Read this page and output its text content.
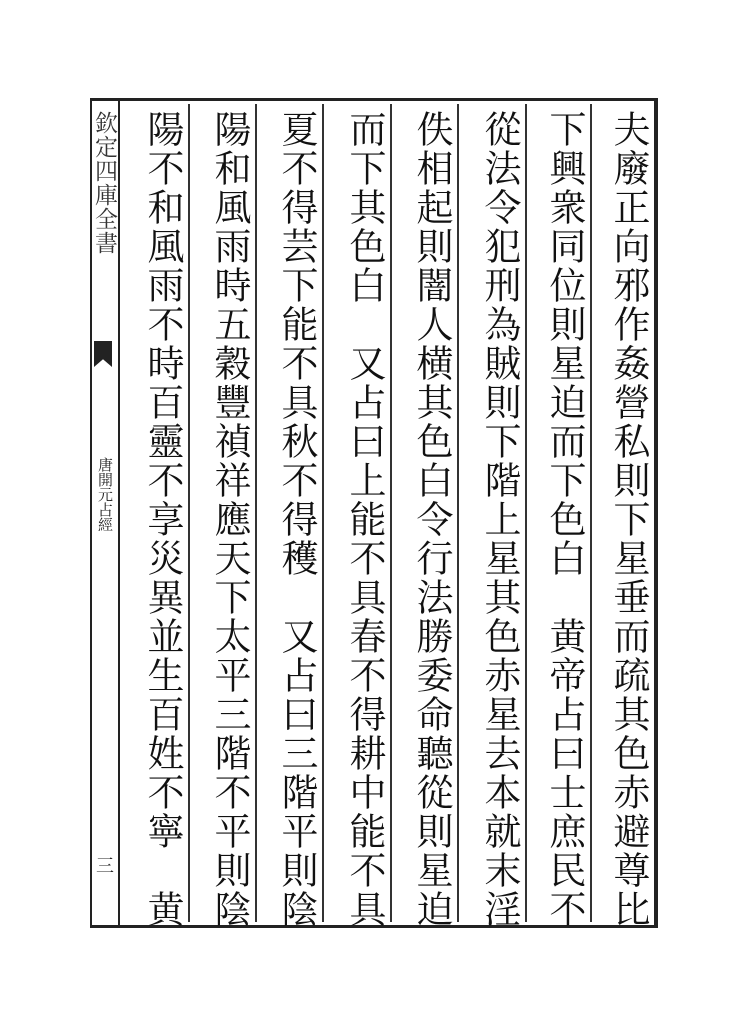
欽定四庫全書
唐開元占經
三	夫廢正向邪作姦營私則下星垂而疏其色赤避尊比
下興衆同位則星迫而下色白　黄帝占曰士庶民不
從法令犯刑為賊則下階上星其色赤星去本就末淫
佚相起則闇人横其色白令行法勝委命聽從則星迫
而下其色白　又占曰上能不具春不得耕中能不具
夏不得芸下能不具秋不得穫　又占曰三階平則陰
陽和風雨時五穀豐禎祥應天下太平三階不平則陰
陽不和風雨不時百靈不享災異並生百姓不寧　黄
